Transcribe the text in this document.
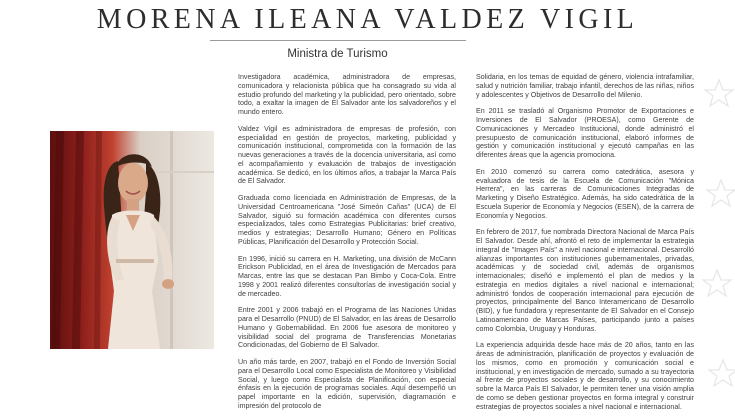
MORENA ILEANA VALDEZ VIGIL
Ministra de Turismo

Investigadora académica, administradora de empresas, comunicadora y relacionista pública que ha consagrado su vida al estudio profundo del marketing y la publicidad, pero orientado, sobre todo, a exaltar la imagen de El Salvador ante los salvadoreños y el mundo entero.

Valdez Vigil es administradora de empresas de profesión, con especialidad en gestión de proyectos, marketing, publicidad y comunicación institucional, comprometida con la formación de las nuevas generaciones a través de la docencia universitaria, así como el acompañamiento y evaluación de trabajos de investigación académica. Se dedicó, en los últimos años, a trabajar la Marca País de El Salvador.

Graduada como licenciada en Administración de Empresas, de la Universidad Centroamericana "José Simeón Cañas" (UCA) de El Salvador, siguió su formación académica con diferentes cursos especializados, tales como Estrategias Publicitarias: brief creativo, medios y estrategias; Desarrollo Humano; Género en Políticas Públicas, Planificación del Desarrollo y Protección Social.

En 1996, inició su carrera en H. Marketing, una división de McCann Erickson Publicidad, en el área de Investigación de Mercados para Marcas, entre las que se destacan Pan Bimbo y Coca-Cola. Entre 1998 y 2001 realizó diferentes consultorías de investigación social y de mercadeo.

Entre 2001 y 2006 trabajó en el Programa de las Naciones Unidas para el Desarrollo (PNUD) de El Salvador, en las áreas de Desarrollo Humano y Gobernabilidad. En 2006 fue asesora de monitoreo y visibilidad social del programa de Transferencias Monetarias Condicionadas, del Gobierno de El Salvador.

Un año más tarde, en 2007, trabajó en el Fondo de Inversión Social para el Desarrollo Local como Especialista de Monitoreo y Visibilidad Social, y luego como Especialista de Planificación, con especial énfasis en la ejecución de programas sociales. Aquí desempeñó un papel importante en la edición, supervisión, diagramación e impresión del protocolo de

Solidaria, en los temas de equidad de género, violencia intrafamiliar, salud y nutrición familiar, trabajo infantil, derechos de las niñas, niños y adolescentes y Objetivos de Desarrollo del Milenio.

En 2011 se trasladó al Organismo Promotor de Exportaciones e Inversiones de El Salvador (PROESA), como Gerente de Comunicaciones y Mercadeo Institucional, donde administró el presupuesto de comunicación institucional, elaboró informes de gestión y comunicación institucional y ejecutó campañas en las diferentes áreas que la agencia promociona.

En 2010 comenzó su carrera como catedrática, asesora y evaluadora de tesis de la Escuela de Comunicación "Mónica Herrera", en las carreras de Comunicaciones Integradas de Marketing y Diseño Estratégico. Además, ha sido catedrática de la Escuela Superior de Economía y Negocios (ESEN), de la carrera de Economía y Negocios.

En febrero de 2017, fue nombrada Directora Nacional de Marca País El Salvador. Desde ahí, afrontó el reto de implementar la estrategia integral de "Imagen País" a nivel nacional e internacional. Desarrolló alianzas importantes con instituciones gubernamentales, privadas, académicas y de sociedad civil, además de organismos internacionales; diseñó e implementó el plan de medios y la estrategia en medios digitales a nivel nacional e internacional; administró fondos de cooperación internacional para ejecución de proyectos, principalmente del Banco Interamericano de Desarrollo (BID), y fue fundadora y representante de El Salvador en el Consejo Latinoamericano de Marcas Países, participando junto a países como Colombia, Uruguay y Honduras.

La experiencia adquirida desde hace más de 20 años, tanto en las áreas de administración, planificación de proyectos y evaluación de los mismos, como en promoción y comunicación social e institucional, y en investigación de mercado, sumado a su trayectoria al frente de proyectos sociales y de desarrollo, y su conocimiento sobre la Marca País El Salvador, le permiten tener una visión amplia de como se deben gestionar proyectos en forma integral y construir estrategias de proyectos sociales a nivel nacional e internacional.
